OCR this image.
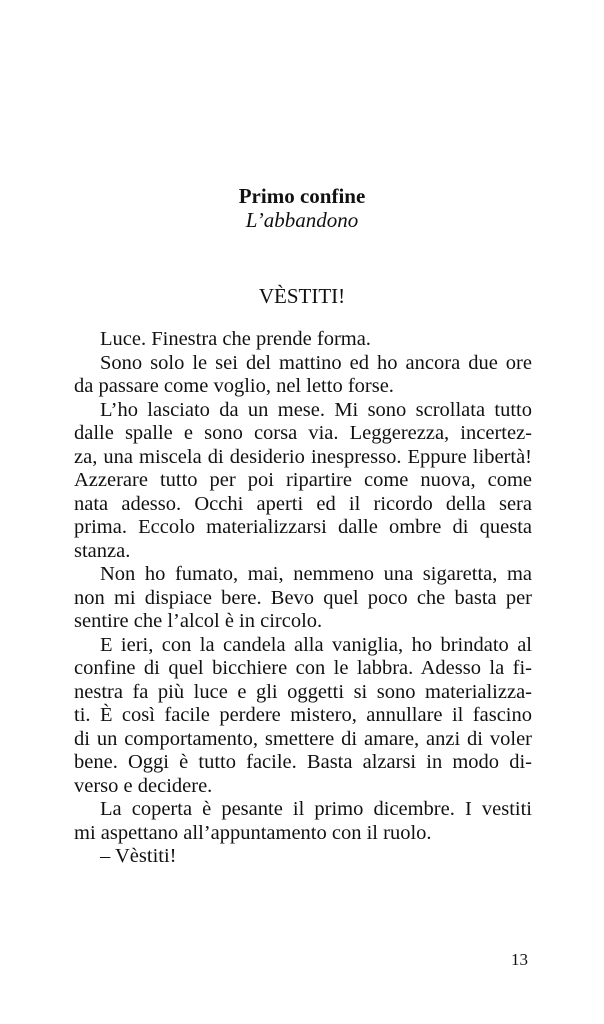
Primo confine
L’abbandono
VÈSTITI!
Luce. Finestra che prende forma.
Sono solo le sei del mattino ed ho ancora due ore
da passare come voglio, nel letto forse.
L’ho lasciato da un mese. Mi sono scrollata tutto
dalle spalle e sono corsa via. Leggerezza, incertez-
za, una miscela di desiderio inespresso. Eppure libertà!
Azzerare tutto per poi ripartire come nuova, come
nata adesso. Occhi aperti ed il ricordo della sera
prima. Eccolo materializzarsi dalle ombre di questa
stanza.
Non ho fumato, mai, nemmeno una sigaretta, ma
non mi dispiace bere. Bevo quel poco che basta per
sentire che l’alcol è in circolo.
E ieri, con la candela alla vaniglia, ho brindato al
confine di quel bicchiere con le labbra. Adesso la fi-
nestra fa più luce e gli oggetti si sono materializza-
ti. È così facile perdere mistero, annullare il fascino
di un comportamento, smettere di amare, anzi di voler
bene. Oggi è tutto facile. Basta alzarsi in modo di-
verso e decidere.
La coperta è pesante il primo dicembre. I vestiti
mi aspettano all’appuntamento con il ruolo.
– Vèstiti!
13
